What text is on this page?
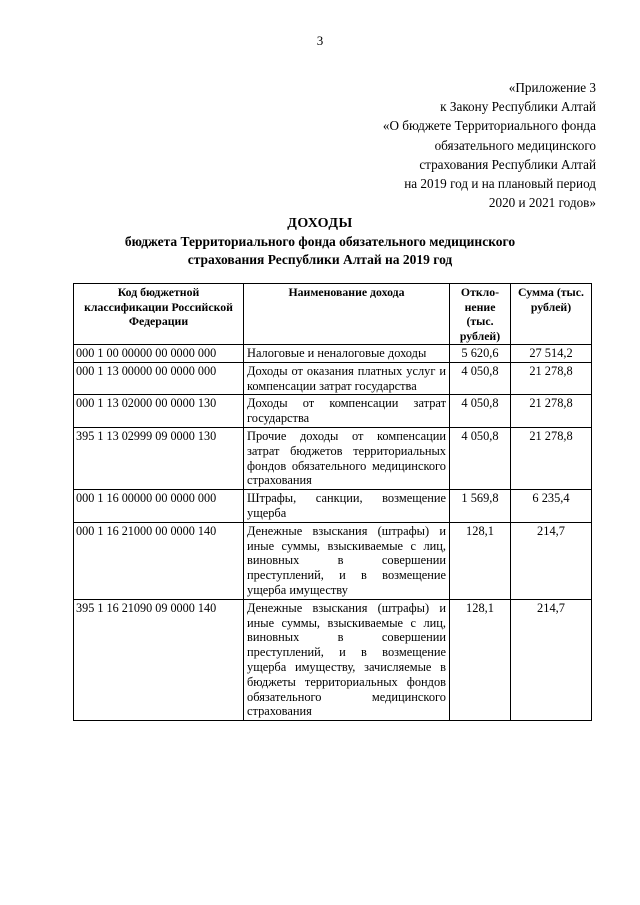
3
«Приложение 3
к Закону Республики Алтай
«О бюджете Территориального фонда
обязательного медицинского
страхования Республики Алтай
на 2019 год и на плановый период
2020 и 2021 годов»
ДОХОДЫ
бюджета Территориального фонда обязательного медицинского
страхования Республики Алтай на 2019 год
Код бюджетной классификации Российской Федерации	Наименование дохода	Откло-нение (тыс. рублей)	Сумма (тыс. рублей)
000 1 00 00000 00 0000 000	Налоговые и неналоговые доходы	5 620,6	27 514,2
000 1 13 00000 00 0000 000	Доходы от оказания платных услуг и компенсации затрат государства	4 050,8	21 278,8
000 1 13 02000 00 0000 130	Доходы от компенсации затрат государства	4 050,8	21 278,8
395 1 13 02999 09 0000 130	Прочие доходы от компенсации затрат бюджетов территориальных фондов обязательного медицинского страхования	4 050,8	21 278,8
000 1 16 00000 00 0000 000	Штрафы, санкции, возмещение ущерба	1 569,8	6 235,4
000 1 16 21000 00 0000 140	Денежные взыскания (штрафы) и иные суммы, взыскиваемые с лиц, виновных в совершении преступлений, и в возмещение ущерба имуществу	128,1	214,7
395 1 16 21090 09 0000 140	Денежные взыскания (штрафы) и иные суммы, взыскиваемые с лиц, виновных в совершении преступлений, и в возмещение ущерба имуществу, зачисляемые в бюджеты территориальных фондов обязательного медицинского страхования	128,1	214,7
